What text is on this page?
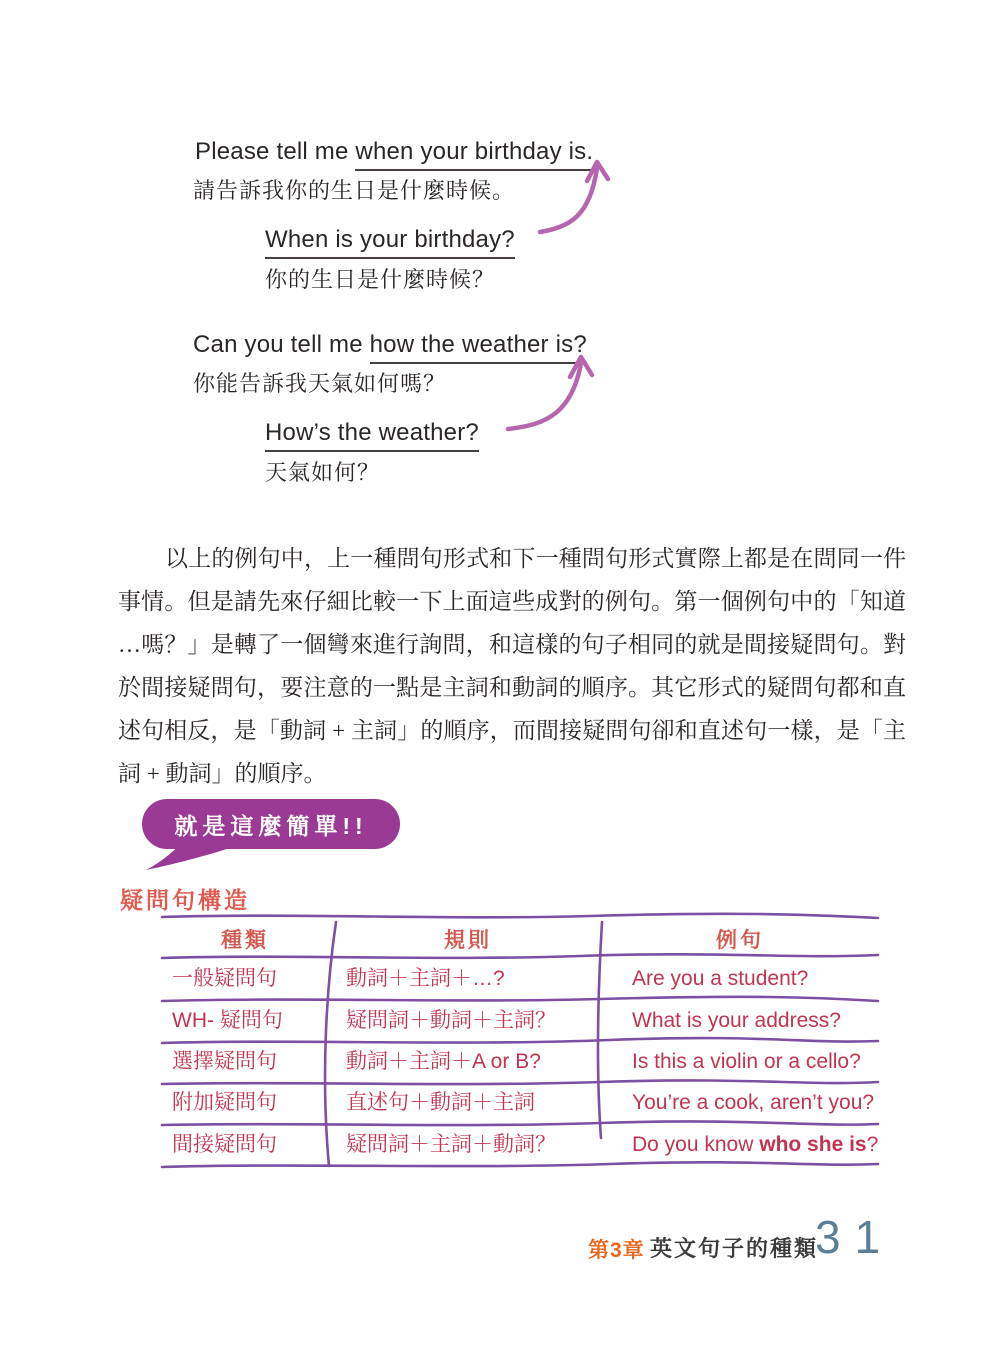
Please tell me when your birthday is.
請告訴我你的生日是什麼時候。
When is your birthday?
你的生日是什麼時候？
Can you tell me how the weather is?
你能告訴我天氣如何嗎？
How’s the weather?
天氣如何？
以上的例句中，上一種問句形式和下一種問句形式實際上都是在問同一件
事情。但是請先來仔細比較一下上面這些成對的例句。第一個例句中的「知道
…嗎？」是轉了一個彎來進行詢問，和這樣的句子相同的就是間接疑問句。對
於間接疑問句，要注意的一點是主詞和動詞的順序。其它形式的疑問句都和直
述句相反，是「動詞 + 主詞」的順序，而間接疑問句卻和直述句一樣，是「主
詞 + 動詞」的順序。
就是這麼簡單!!
疑問句構造
種類	規則	例句
一般疑問句	動詞＋主詞＋…?	Are you a student?
WH- 疑問句	疑問詞＋動詞＋主詞？	What is your address?
選擇疑問句	動詞＋主詞＋A or B?	Is this a violin or a cello?
附加疑問句	直述句＋動詞＋主詞	You’re a cook, aren’t you?
間接疑問句	疑問詞＋主詞＋動詞？	Do you know who she is?
第3章 英文句子的種類
31
